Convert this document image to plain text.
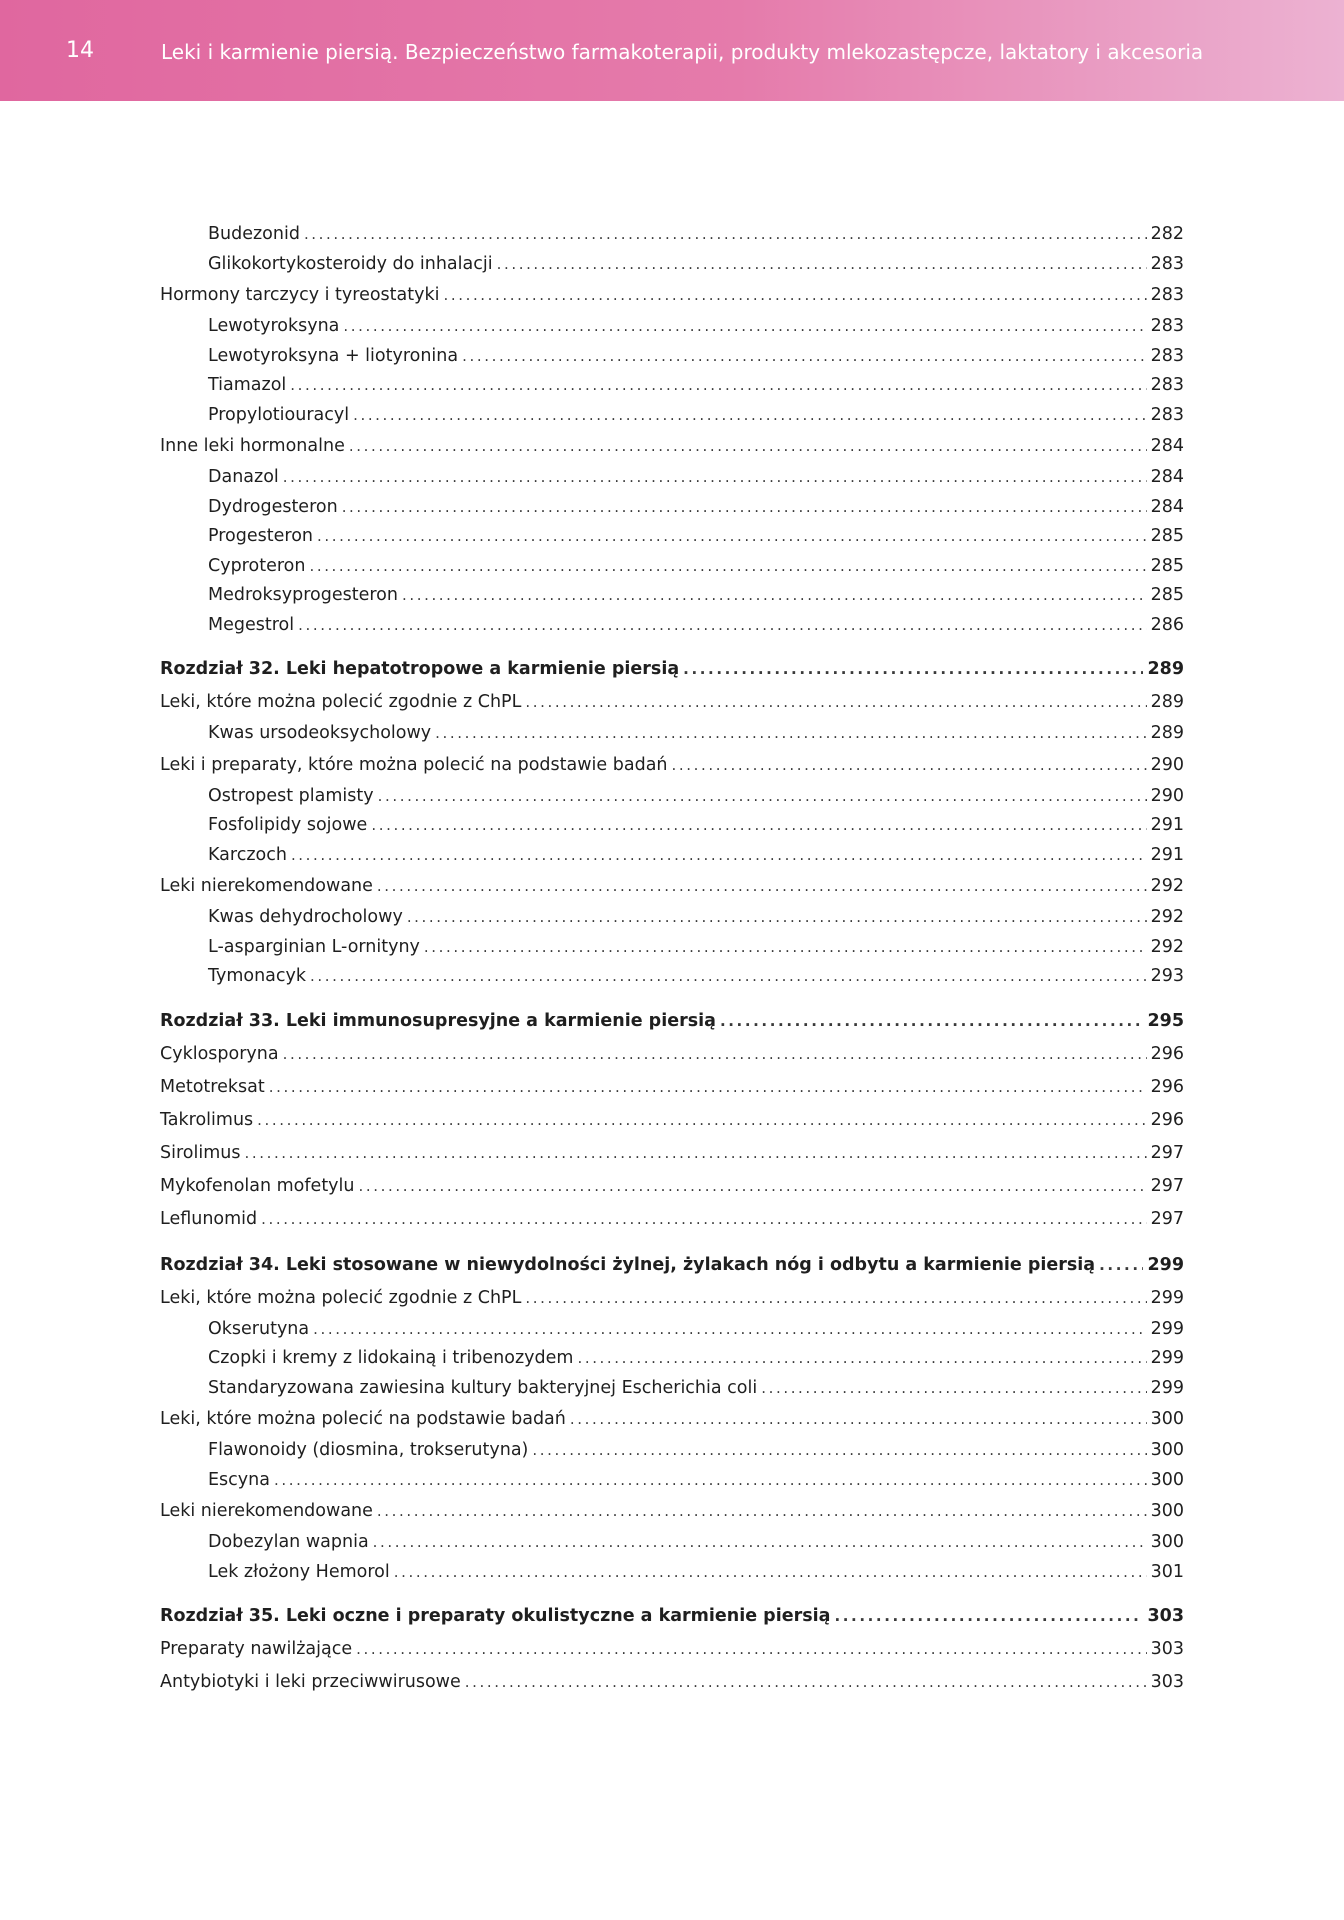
14	Leki i karmienie piersią. Bezpieczeństwo farmakoterapii, produkty mlekozastępcze, laktatory i akcesoria
Budezonid .....	282
Glikokortykosteroidy do inhalacji .....	283
Hormony tarczycy i tyreostatyki .....	283
Lewotyroksyna .....	283
Lewotyroksyna + liotyronina .....	283
Tiamazol .....	283
Propylotiouracyl .....	283
Inne leki hormonalne .....	284
Danazol .....	284
Dydrogesteron .....	284
Progesteron .....	285
Cyproteron .....	285
Medroksyprogesteron .....	285
Megestrol .....	286
Rozdział 32. Leki hepatotropowe a karmienie piersią .....	289
Leki, które można polecić zgodnie z ChPL .....	289
Kwas ursodeoksycholowy .....	289
Leki i preparaty, które można polecić na podstawie badań .....	290
Ostropest plamisty .....	290
Fosfolipidy sojowe .....	291
Karczoch .....	291
Leki nierekomendowane .....	292
Kwas dehydrocholowy .....	292
L-asparginian L-ornityny .....	292
Tymonacyk .....	293
Rozdział 33. Leki immunosupresyjne a karmienie piersią .....	295
Cyklosporyna .....	296
Metotreksat .....	296
Takrolimus .....	296
Sirolimus .....	297
Mykofenolan mofetylu .....	297
Leflunomid .....	297
Rozdział 34. Leki stosowane w niewydolności żylnej, żylakach nóg i odbytu a karmienie piersią .....	299
Leki, które można polecić zgodnie z ChPL .....	299
Okserutyna .....	299
Czopki i kremy z lidokainą i tribenozydem .....	299
Standaryzowana zawiesina kultury bakteryjnej Escherichia coli .....	299
Leki, które można polecić na podstawie badań .....	300
Flawonoidy (diosmina, trokserutyna) .....	300
Escyna .....	300
Leki nierekomendowane .....	300
Dobezylan wapnia .....	300
Lek złożony Hemorol .....	301
Rozdział 35. Leki oczne i preparaty okulistyczne a karmienie piersią .....	303
Preparaty nawilżające .....	303
Antybiotyki i leki przeciwwirusowe .....	303
